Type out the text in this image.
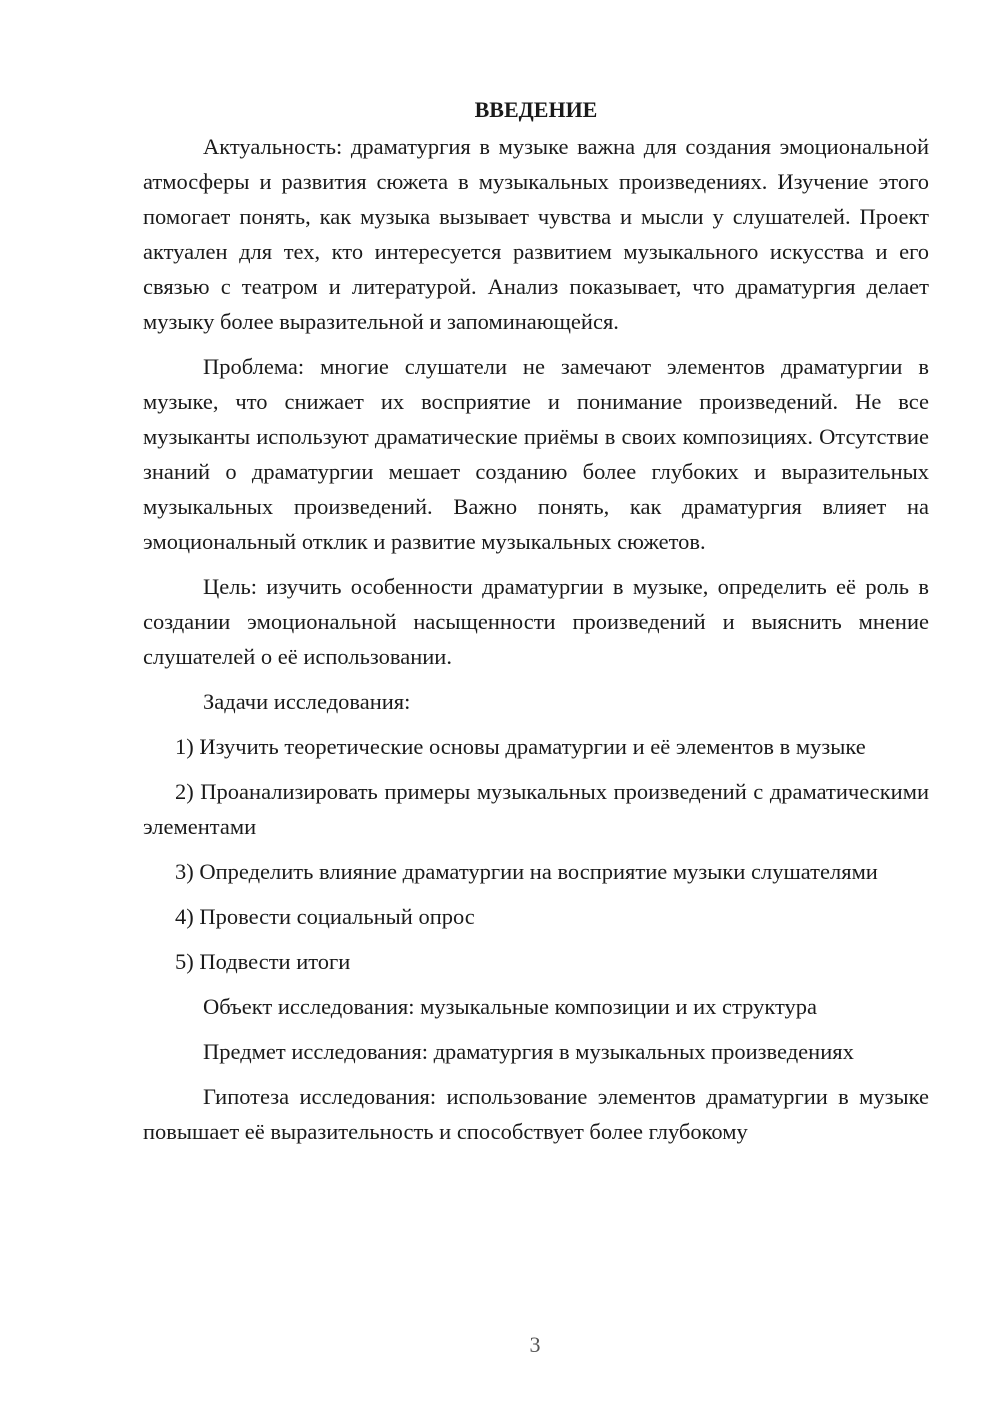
ВВЕДЕНИЕ

Актуальность: драматургия в музыке важна для создания эмоциональной атмосферы и развития сюжета в музыкальных произведениях. Изучение этого помогает понять, как музыка вызывает чувства и мысли у слушателей. Проект актуален для тех, кто интересуется развитием музыкального искусства и его связью с театром и литературой. Анализ показывает, что драматургия делает музыку более выразительной и запоминающейся.

Проблема: многие слушатели не замечают элементов драматургии в музыке, что снижает их восприятие и понимание произведений. Не все музыканты используют драматические приёмы в своих композициях. Отсутствие знаний о драматургии мешает созданию более глубоких и выразительных музыкальных произведений. Важно понять, как драматургия влияет на эмоциональный отклик и развитие музыкальных сюжетов.

Цель: изучить особенности драматургии в музыке, определить её роль в создании эмоциональной насыщенности произведений и выяснить мнение слушателей о её использовании.

Задачи исследования:

1) Изучить теоретические основы драматургии и её элементов в музыке

2) Проанализировать примеры музыкальных произведений с драматическими элементами

3) Определить влияние драматургии на восприятие музыки слушателями

4) Провести социальный опрос

5) Подвести итоги

Объект исследования: музыкальные композиции и их структура

Предмет исследования: драматургия в музыкальных произведениях

Гипотеза исследования: использование элементов драматургии в музыке повышает её выразительность и способствует более глубокому

3
